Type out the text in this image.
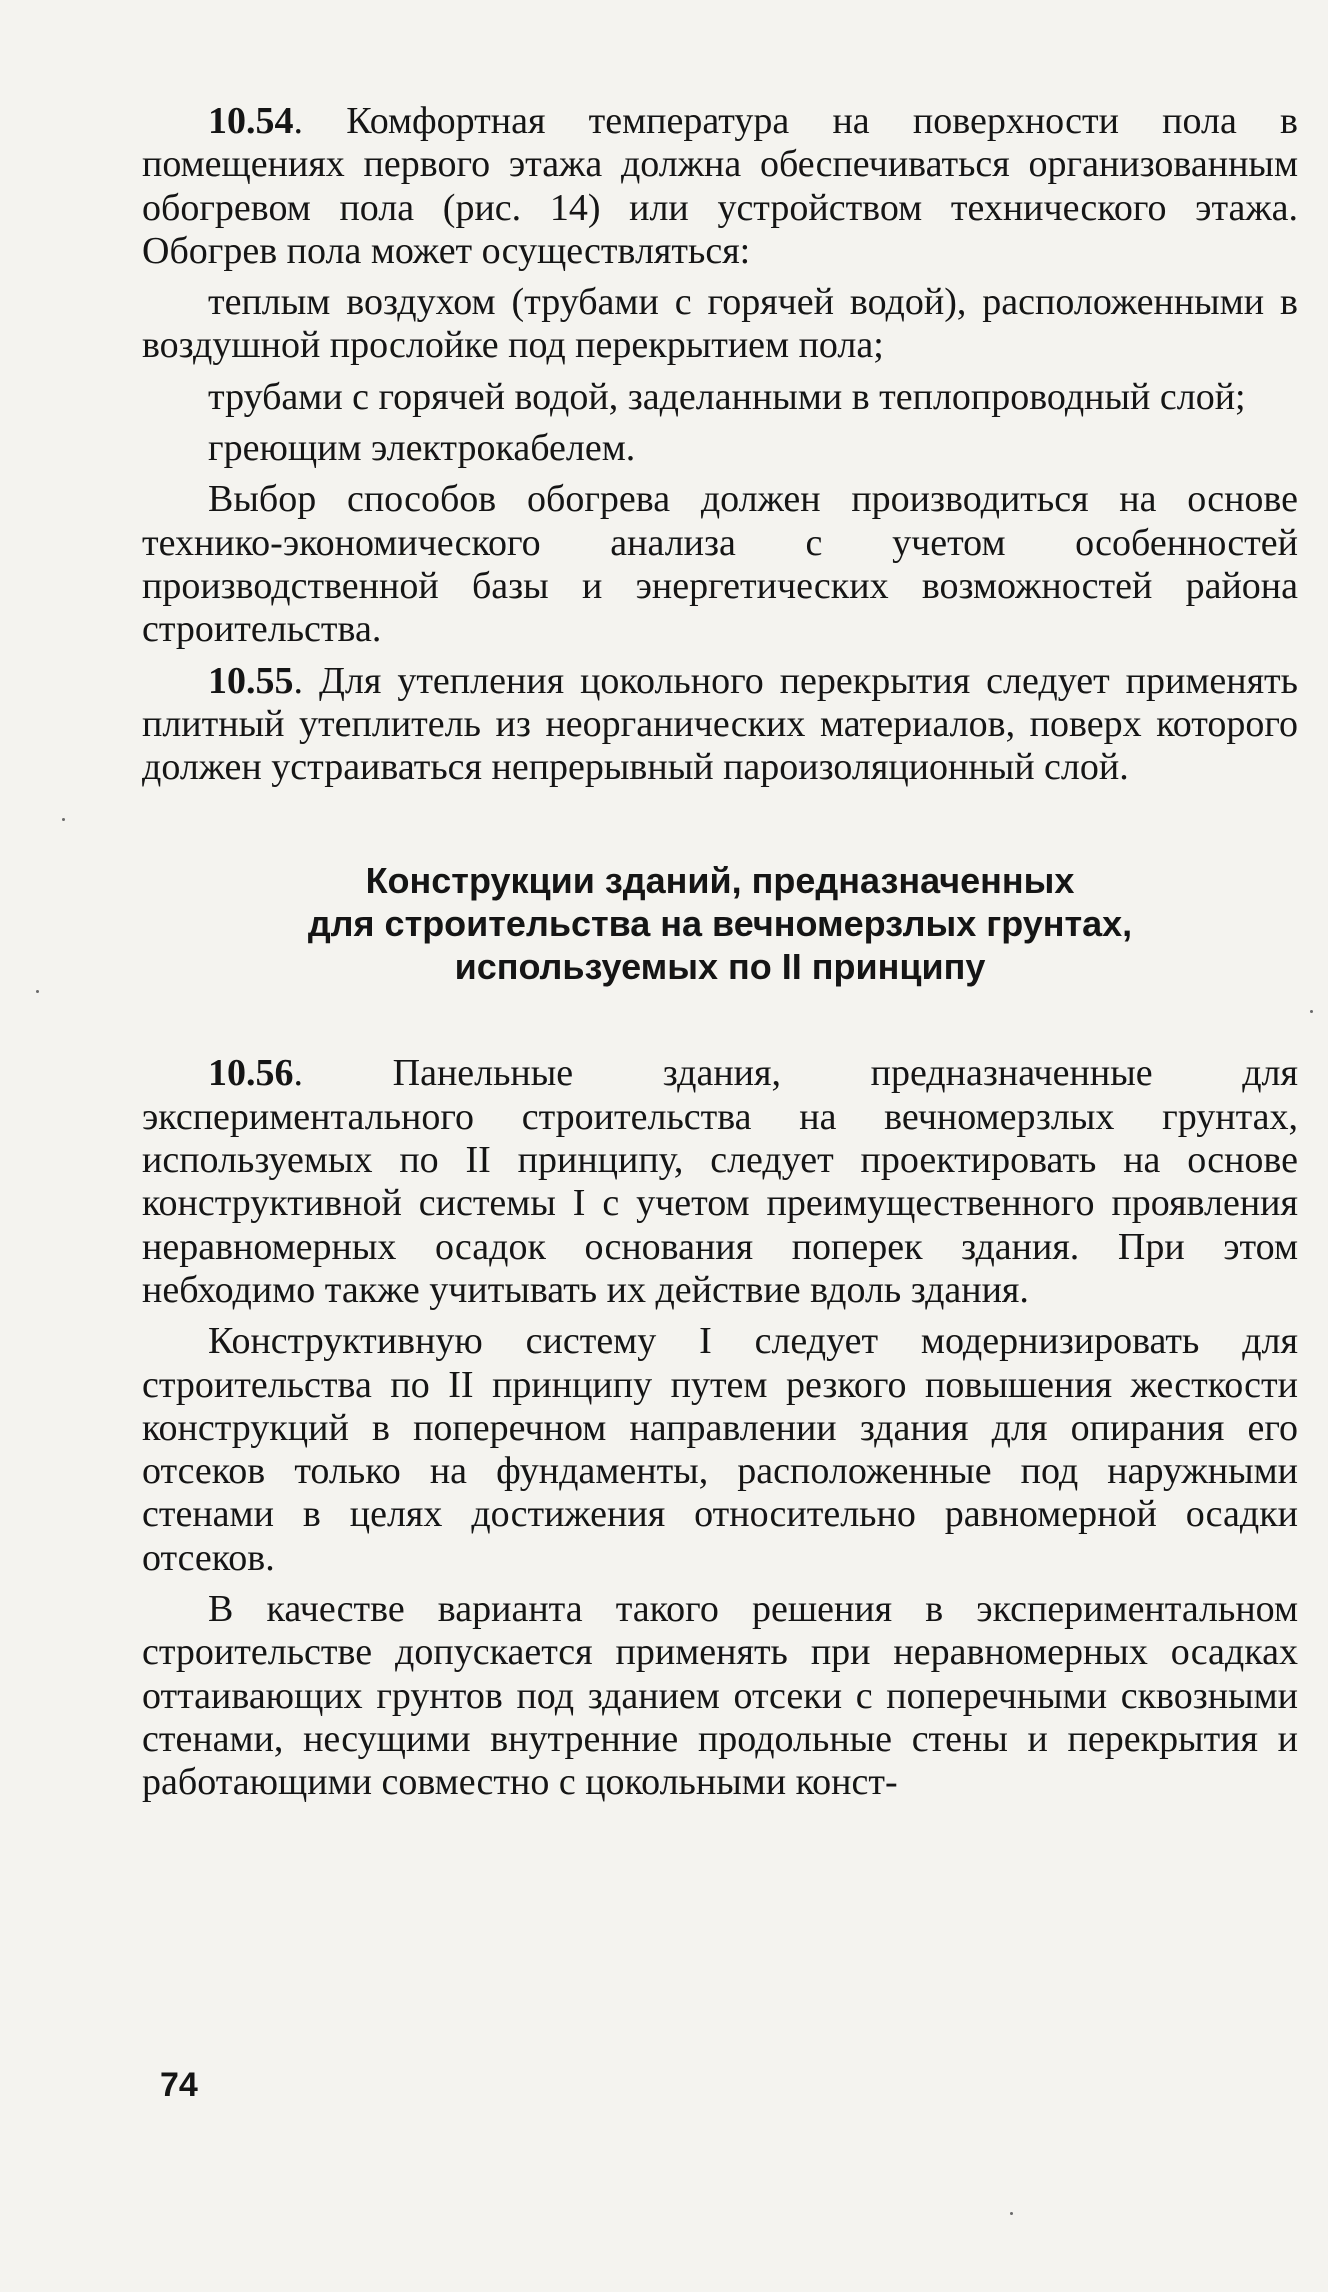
10.54. Комфортная температура на поверхности пола в помещениях первого этажа должна обеспечиваться организованным обогревом пола (рис. 14) или устройством технического этажа. Обогрев пола может осуществляться:

теплым воздухом (трубами с горячей водой), расположенными в воздушной прослойке под перекрытием пола;

трубами с горячей водой, заделанными в теплопроводный слой;

греющим электрокабелем.

Выбор способов обогрева должен производиться на основе технико-экономического анализа с учетом особенностей производственной базы и энергетических возможностей района строительства.

10.55. Для утепления цокольного перекрытия следует применять плитный утеплитель из неорганических материалов, поверх которого должен устраиваться непрерывный пароизоляционный слой.

Конструкции зданий, предназначенных
для строительства на вечномерзлых грунтах,
используемых по II принципу

10.56. Панельные здания, предназначенные для экспериментального строительства на вечномерзлых грунтах, используемых по II принципу, следует проектировать на основе конструктивной системы I с учетом преимущественного проявления неравномерных осадок основания поперек здания. При этом небходимо также учитывать их действие вдоль здания.

Конструктивную систему I следует модернизировать для строительства по II принципу путем резкого повышения жесткости конструкций в поперечном направлении здания для опирания его отсеков только на фундаменты, расположенные под наружными стенами в целях достижения относительно равномерной осадки отсеков.

В качестве варианта такого решения в экспериментальном строительстве допускается применять при неравномерных осадках оттаивающих грунтов под зданием отсеки с поперечными сквозными стенами, несущими внутренние продольные стены и перекрытия и работающими совместно с цокольными конст-

74
